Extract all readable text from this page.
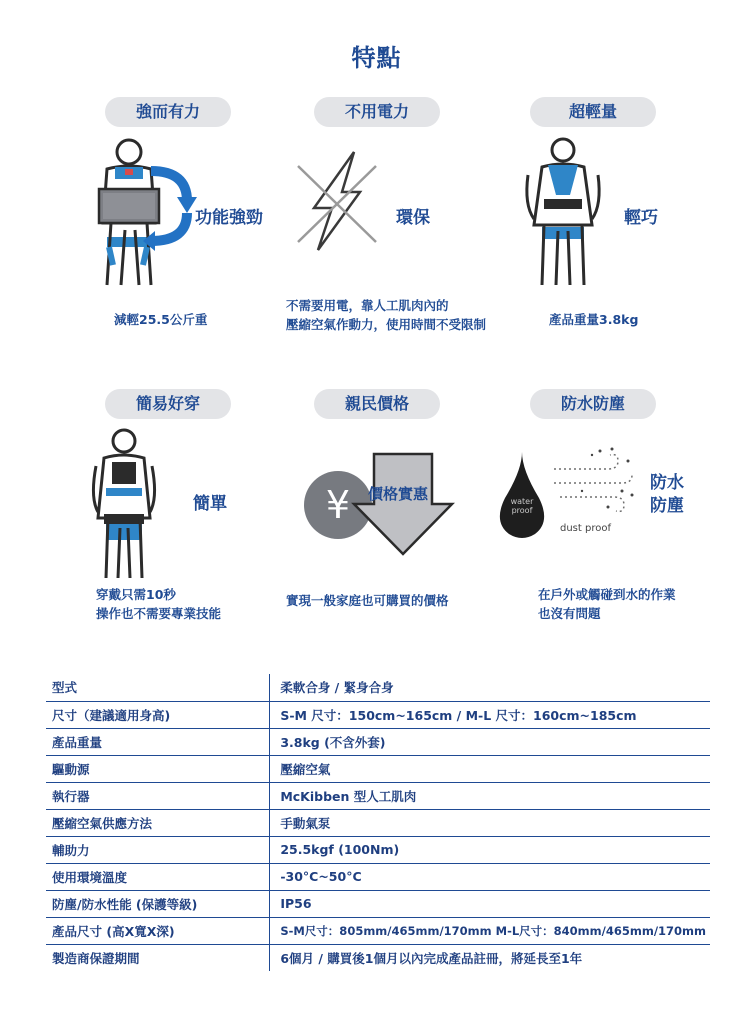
特點
強而有力
功能強勁
減輕25.5公斤重
不用電力
環保
不需要用電，靠人工肌肉內的
壓縮空氣作動力，使用時間不受限制
超輕量
輕巧
產品重量3.8kg
簡易好穿
簡單
穿戴只需10秒
操作也不需要專業技能
親民價格
¥ 價格實惠
實現一般家庭也可購買的價格
防水防塵
water
proof
dust proof
防水
防塵
在戶外或觸碰到水的作業
也沒有問題
型式	柔軟合身 / 緊身合身
尺寸（建議適用身高)	S-M 尺寸：150cm~165cm / M-L 尺寸：160cm~185cm
產品重量	3.8kg (不含外套)
驅動源	壓縮空氣
執行器	McKibben 型人工肌肉
壓縮空氣供應方法	手動氣泵
輔助力	25.5kgf (100Nm)
使用環境溫度	-30°C~50°C
防塵/防水性能 (保護等級)	IP56
產品尺寸 (高X寬X深)	S-M尺寸：805mm/465mm/170mm M-L尺寸：840mm/465mm/170mm
製造商保證期間	6個月 / 購買後1個月以內完成產品註冊，將延長至1年
